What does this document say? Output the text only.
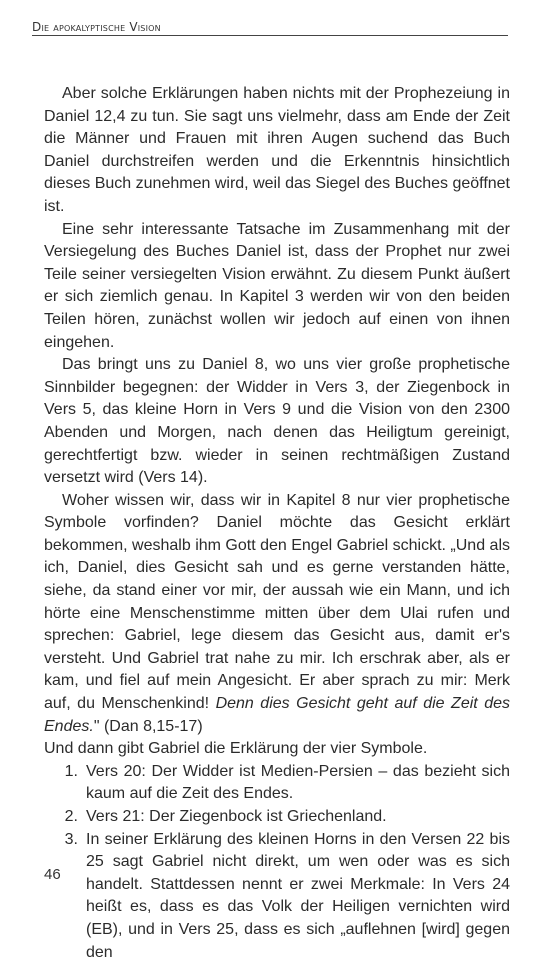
Die apokalyptische Vision

Aber solche Erklärungen haben nichts mit der Prophezeiung in Daniel 12,4 zu tun. Sie sagt uns vielmehr, dass am Ende der Zeit die Männer und Frauen mit ihren Augen suchend das Buch Daniel durchstreifen werden und die Erkenntnis hinsichtlich dieses Buch zunehmen wird, weil das Siegel des Buches geöffnet ist.

Eine sehr interessante Tatsache im Zusammenhang mit der Versiegelung des Buches Daniel ist, dass der Prophet nur zwei Teile seiner versiegelten Vision erwähnt. Zu diesem Punkt äußert er sich ziemlich genau. In Kapitel 3 werden wir von den beiden Teilen hören, zunächst wollen wir jedoch auf einen von ihnen eingehen.

Das bringt uns zu Daniel 8, wo uns vier große prophetische Sinnbilder begegnen: der Widder in Vers 3, der Ziegenbock in Vers 5, das kleine Horn in Vers 9 und die Vision von den 2300 Abenden und Morgen, nach denen das Heiligtum gereinigt, gerechtfertigt bzw. wieder in seinen rechtmäßigen Zustand versetzt wird (Vers 14).

Woher wissen wir, dass wir in Kapitel 8 nur vier prophetische Symbole vorfinden? Daniel möchte das Gesicht erklärt bekommen, weshalb ihm Gott den Engel Gabriel schickt. „Und als ich, Daniel, dies Gesicht sah und es gerne verstanden hätte, siehe, da stand einer vor mir, der aussah wie ein Mann, und ich hörte eine Menschenstimme mitten über dem Ulai rufen und sprechen: Gabriel, lege diesem das Gesicht aus, damit er's versteht. Und Gabriel trat nahe zu mir. Ich erschrak aber, als er kam, und fiel auf mein Angesicht. Er aber sprach zu mir: Merk auf, du Menschenkind! Denn dies Gesicht geht auf die Zeit des Endes." (Dan 8,15-17)

Und dann gibt Gabriel die Erklärung der vier Symbole.

1. Vers 20: Der Widder ist Medien-Persien – das bezieht sich kaum auf die Zeit des Endes.
2. Vers 21: Der Ziegenbock ist Griechenland.
3. In seiner Erklärung des kleinen Horns in den Versen 22 bis 25 sagt Gabriel nicht direkt, um wen oder was es sich handelt. Stattdessen nennt er zwei Merkmale: In Vers 24 heißt es, dass es das Volk der Heiligen vernichten wird (EB), und in Vers 25, dass es sich „auflehnen [wird] gegen den
46
